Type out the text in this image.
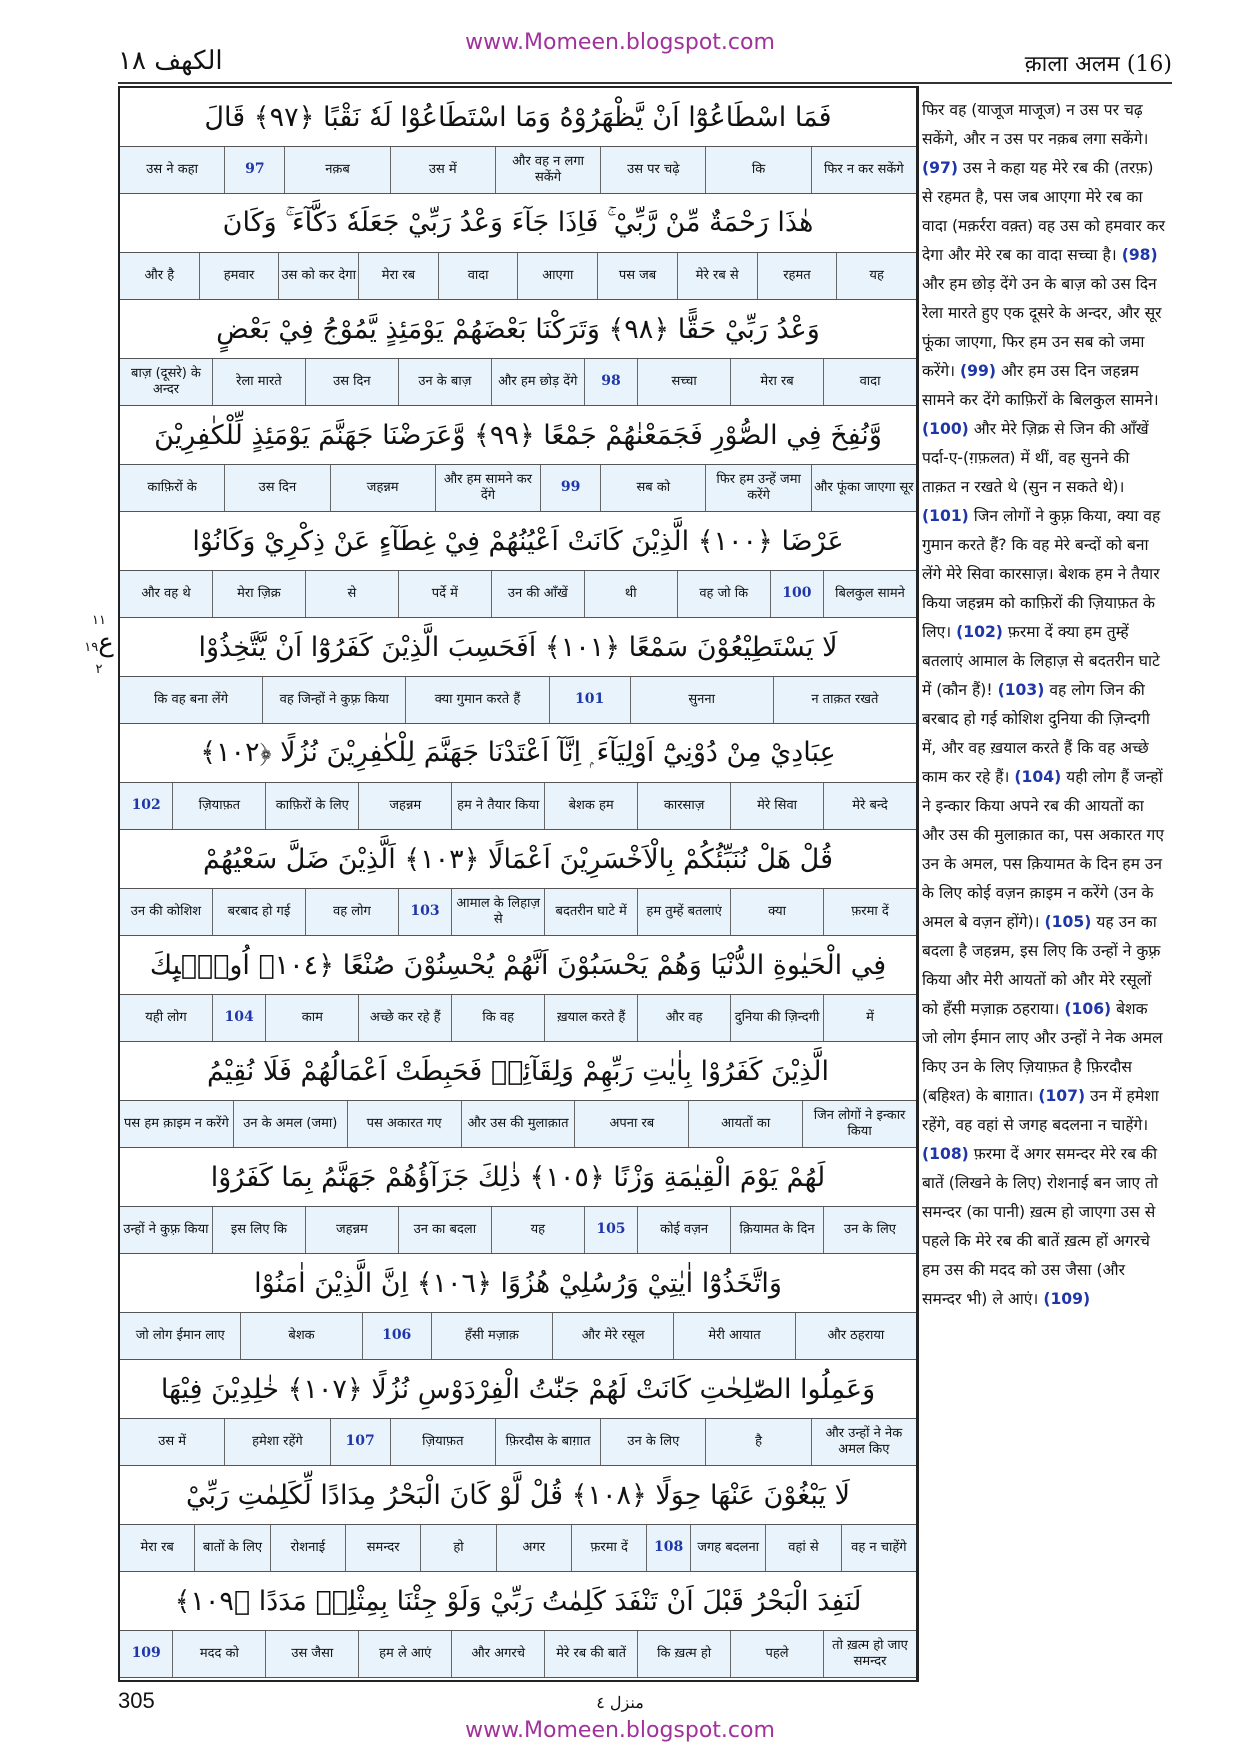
www.Momeen.blogspot.com
الكهف ١٨	क़ाला अलम (16)
١١
ع١٩
٢
فَمَا اسْطَاعُوْٓا اَنْ يَّظْهَرُوْهُ وَمَا اسْتَطَاعُوْا لَهٗ نَقْبًا ﴿٩٧﴾ قَالَ
फिर न कर सकेंगे
कि
उस पर चढ़े
और वह न लगा सकेंगे
उस में
नक़ब
97
उस ने कहा
هٰذَا رَحْمَةٌ مِّنْ رَّبِّيْ ۚ فَاِذَا جَآءَ وَعْدُ رَبِّيْ جَعَلَهٗ دَكَّآءَ ۚ وَكَانَ
यह
रहमत
मेरे रब से
पस जब
आएगा
वादा
मेरा रब
उस को कर देगा
हमवार
और है
وَعْدُ رَبِّيْ حَقًّا ﴿٩٨﴾ وَتَرَكْنَا بَعْضَهُمْ يَوْمَئِذٍ يَّمُوْجُ فِيْ بَعْضٍ
वादा
मेरा रब
सच्चा
98
और हम छोड़ देंगे
उन के बाज़
उस दिन
रेला मारते
बाज़ (दूसरे) के अन्दर
وَّنُفِخَ فِي الصُّوْرِ فَجَمَعْنٰهُمْ جَمْعًا ﴿٩٩﴾ وَّعَرَضْنَا جَهَنَّمَ يَوْمَئِذٍ لِّلْكٰفِرِيْنَ
और फूंका जाएगा सूर
फिर हम उन्हें जमा करेंगे
सब को
99
और हम सामने कर देंगे
जहन्नम
उस दिन
काफ़िरों के
عَرْضَا ﴿١٠٠﴾ الَّذِيْنَ كَانَتْ اَعْيُنُهُمْ فِيْ غِطَآءٍ عَنْ ذِكْرِيْ وَكَانُوْا
बिलकुल सामने
100
वह जो कि
थी
उन की आँखें
पर्दे में
से
मेरा ज़िक्र
और वह थे
لَا يَسْتَطِيْعُوْنَ سَمْعًا ﴿١٠١﴾ اَفَحَسِبَ الَّذِيْنَ كَفَرُوْٓا اَنْ يَّتَّخِذُوْا
न ताक़त रखते
सुनना
101
क्या गुमान करते हैं
वह जिन्हों ने कुफ़्र किया
कि वह बना लेंगे
عِبَادِيْ مِنْ دُوْنِيْٓ اَوْلِيَآءَ ۭ اِنَّآ اَعْتَدْنَا جَهَنَّمَ لِلْكٰفِرِيْنَ نُزُلًا ﴿١٠٢﴾
मेरे बन्दे
मेरे सिवा
कारसाज़
बेशक हम
हम ने तैयार किया
जहन्नम
काफ़िरों के लिए
ज़ियाफ़त
102
قُلْ هَلْ نُنَبِّئُكُمْ بِالْاَخْسَرِيْنَ اَعْمَالًا ﴿١٠٣﴾ اَلَّذِيْنَ ضَلَّ سَعْيُهُمْ
फ़रमा दें
क्या
हम तुम्हें बतलाएं
बदतरीन घाटे में
आमाल के लिहाज़ से
103
वह लोग
बरबाद हो गई
उन की कोशिश
فِي الْحَيٰوةِ الدُّنْيَا وَهُمْ يَحْسَبُوْنَ اَنَّهُمْ يُحْسِنُوْنَ صُنْعًا ﴿١٠٤﴾ اُولٰۗىِٕكَ
में
दुनिया की ज़िन्दगी
और वह
ख़याल करते हैं
कि वह
अच्छे कर रहे हैं
काम
104
यही लोग
الَّذِيْنَ كَفَرُوْا بِاٰيٰتِ رَبِّهِمْ وَلِقَآئِهٖ فَحَبِطَتْ اَعْمَالُهُمْ فَلَا نُقِيْمُ
जिन लोगों ने इन्कार किया
आयतों का
अपना रब
और उस की मुलाक़ात
पस अकारत गए
उन के अमल (जमा)
पस हम क़ाइम न करेंगे
لَهُمْ يَوْمَ الْقِيٰمَةِ وَزْنًا ﴿١٠٥﴾ ذٰلِكَ جَزَآؤُهُمْ جَهَنَّمُ بِمَا كَفَرُوْا
उन के लिए
क़ियामत के दिन
कोई वज़न
105
यह
उन का बदला
जहन्नम
इस लिए कि
उन्हों ने कुफ़्र किया
وَاتَّخَذُوْٓا اٰيٰتِيْ وَرُسُلِيْ هُزُوًا ﴿١٠٦﴾ اِنَّ الَّذِيْنَ اٰمَنُوْا
और ठहराया
मेरी आयात
और मेरे रसूल
हँसी मज़ाक़
106
बेशक
जो लोग ईमान लाए
وَعَمِلُوا الصّٰلِحٰتِ كَانَتْ لَهُمْ جَنّٰتُ الْفِرْدَوْسِ نُزُلًا ﴿١٠٧﴾ خٰلِدِيْنَ فِيْهَا
और उन्हों ने नेक अमल किए
है
उन के लिए
फ़िरदौस के बाग़ात
ज़ियाफ़त
107
हमेशा रहेंगे
उस में
لَا يَبْغُوْنَ عَنْهَا حِوَلًا ﴿١٠٨﴾ قُلْ لَّوْ كَانَ الْبَحْرُ مِدَادًا لِّكَلِمٰتِ رَبِّيْ
वह न चाहेंगे
वहां से
जगह बदलना
108
फ़रमा दें
अगर
हो
समन्दर
रोशनाई
बातों के लिए
मेरा रब
لَنَفِدَ الْبَحْرُ قَبْلَ اَنْ تَنْفَدَ كَلِمٰتُ رَبِّيْ وَلَوْ جِئْنَا بِمِثْلِهٖ مَدَدًا ﴿١٠٩﴾
तो ख़त्म हो जाए समन्दर
पहले
कि ख़त्म हो
मेरे रब की बातें
और अगरचे
हम ले आएं
उस जैसा
मदद को
109
फिर वह (याजूज माजूज) न उस पर चढ़ सकेंगे, और न उस पर नक़ब लगा सकेंगे। (97) उस ने कहा यह मेरे रब की (तरफ़) से रहमत है, पस जब आएगा मेरे रब का वादा (मक़र्ररा वक़्त) वह उस को हमवार कर देगा और मेरे रब का वादा सच्चा है। (98) और हम छोड़ देंगे उन के बाज़ को उस दिन रेला मारते हुए एक दूसरे के अन्दर, और सूर फूंका जाएगा, फिर हम उन सब को जमा करेंगे। (99) और हम उस दिन जहन्नम सामने कर देंगे काफ़िरों के बिलकुल सामने। (100) और मेरे ज़िक्र से जिन की आँखें पर्दा-ए-(ग़फ़लत) में थीं, वह सुनने की ताक़त न रखते थे (सुन न सकते थे)। (101) जिन लोगों ने कुफ़्र किया, क्या वह गुमान करते हैं? कि वह मेरे बन्दों को बना लेंगे मेरे सिवा कारसाज़। बेशक हम ने तैयार किया जहन्नम को काफ़िरों की ज़ियाफ़त के लिए। (102) फ़रमा दें क्या हम तुम्हें बतलाएं आमाल के लिहाज़ से बदतरीन घाटे में (कौन हैं)! (103) वह लोग जिन की बरबाद हो गई कोशिश दुनिया की ज़िन्दगी में, और वह ख़याल करते हैं कि वह अच्छे काम कर रहे हैं। (104) यही लोग हैं जन्हों ने इन्कार किया अपने रब की आयतों का और उस की मुलाक़ात का, पस अकारत गए उन के अमल, पस क़ियामत के दिन हम उन के लिए कोई वज़न क़ाइम न करेंगे (उन के अमल बे वज़न होंगे)। (105) यह उन का बदला है जहन्नम, इस लिए कि उन्हों ने कुफ़्र किया और मेरी आयतों को और मेरे रसूलों को हँसी मज़ाक़ ठहराया। (106) बेशक जो लोग ईमान लाए और उन्हों ने नेक अमल किए उन के लिए ज़ियाफ़त है फ़िरदौस (बहिश्त) के बाग़ात। (107) उन में हमेशा रहेंगे, वह वहां से जगह बदलना न चाहेंगे। (108) फ़रमा दें अगर समन्दर मेरे रब की बातें (लिखने के लिए) रोशनाई बन जाए तो समन्दर (का पानी) ख़त्म हो जाएगा उस से पहले कि मेरे रब की बातें ख़त्म हों अगरचे हम उस की मदद को उस जैसा (और समन्दर भी) ले आएं। (109)
305	منزل ٤
www.Momeen.blogspot.com
